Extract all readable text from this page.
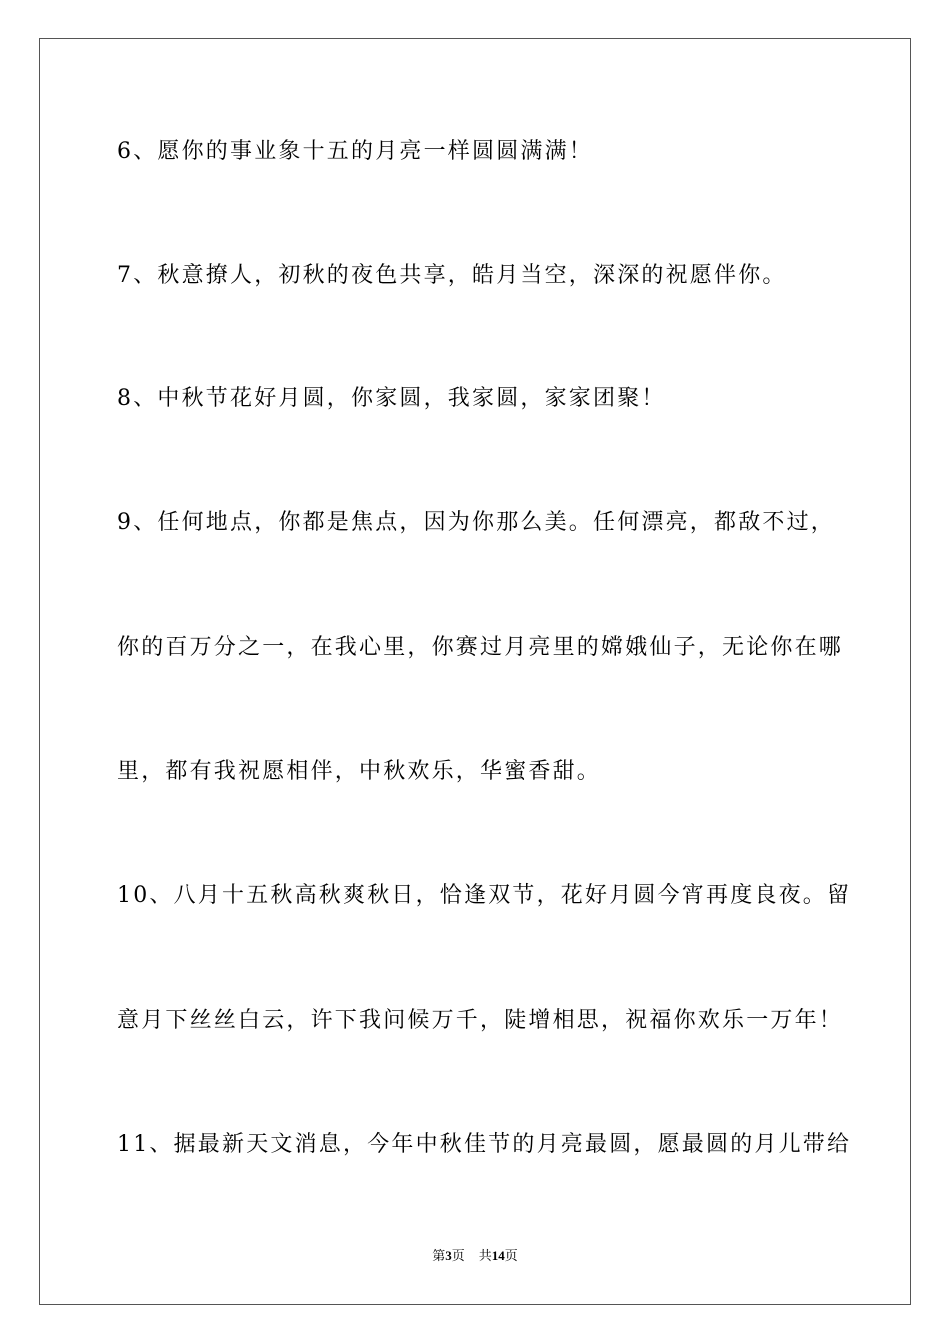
6、愿你的事业象十五的月亮一样圆圆满满！

7、秋意撩人，初秋的夜色共享，皓月当空，深深的祝愿伴你。

8、中秋节花好月圆，你家圆，我家圆，家家团聚！

9、任何地点，你都是焦点，因为你那么美。任何漂亮，都敌不过，

你的百万分之一，在我心里，你赛过月亮里的嫦娥仙子，无论你在哪

里，都有我祝愿相伴，中秋欢乐，华蜜香甜。

10、八月十五秋高秋爽秋日，恰逢双节，花好月圆今宵再度良夜。留

意月下丝丝白云，许下我问候万千，陡增相思，祝福你欢乐一万年！

11、据最新天文消息，今年中秋佳节的月亮最圆，愿最圆的月儿带给

第3页 共14页
